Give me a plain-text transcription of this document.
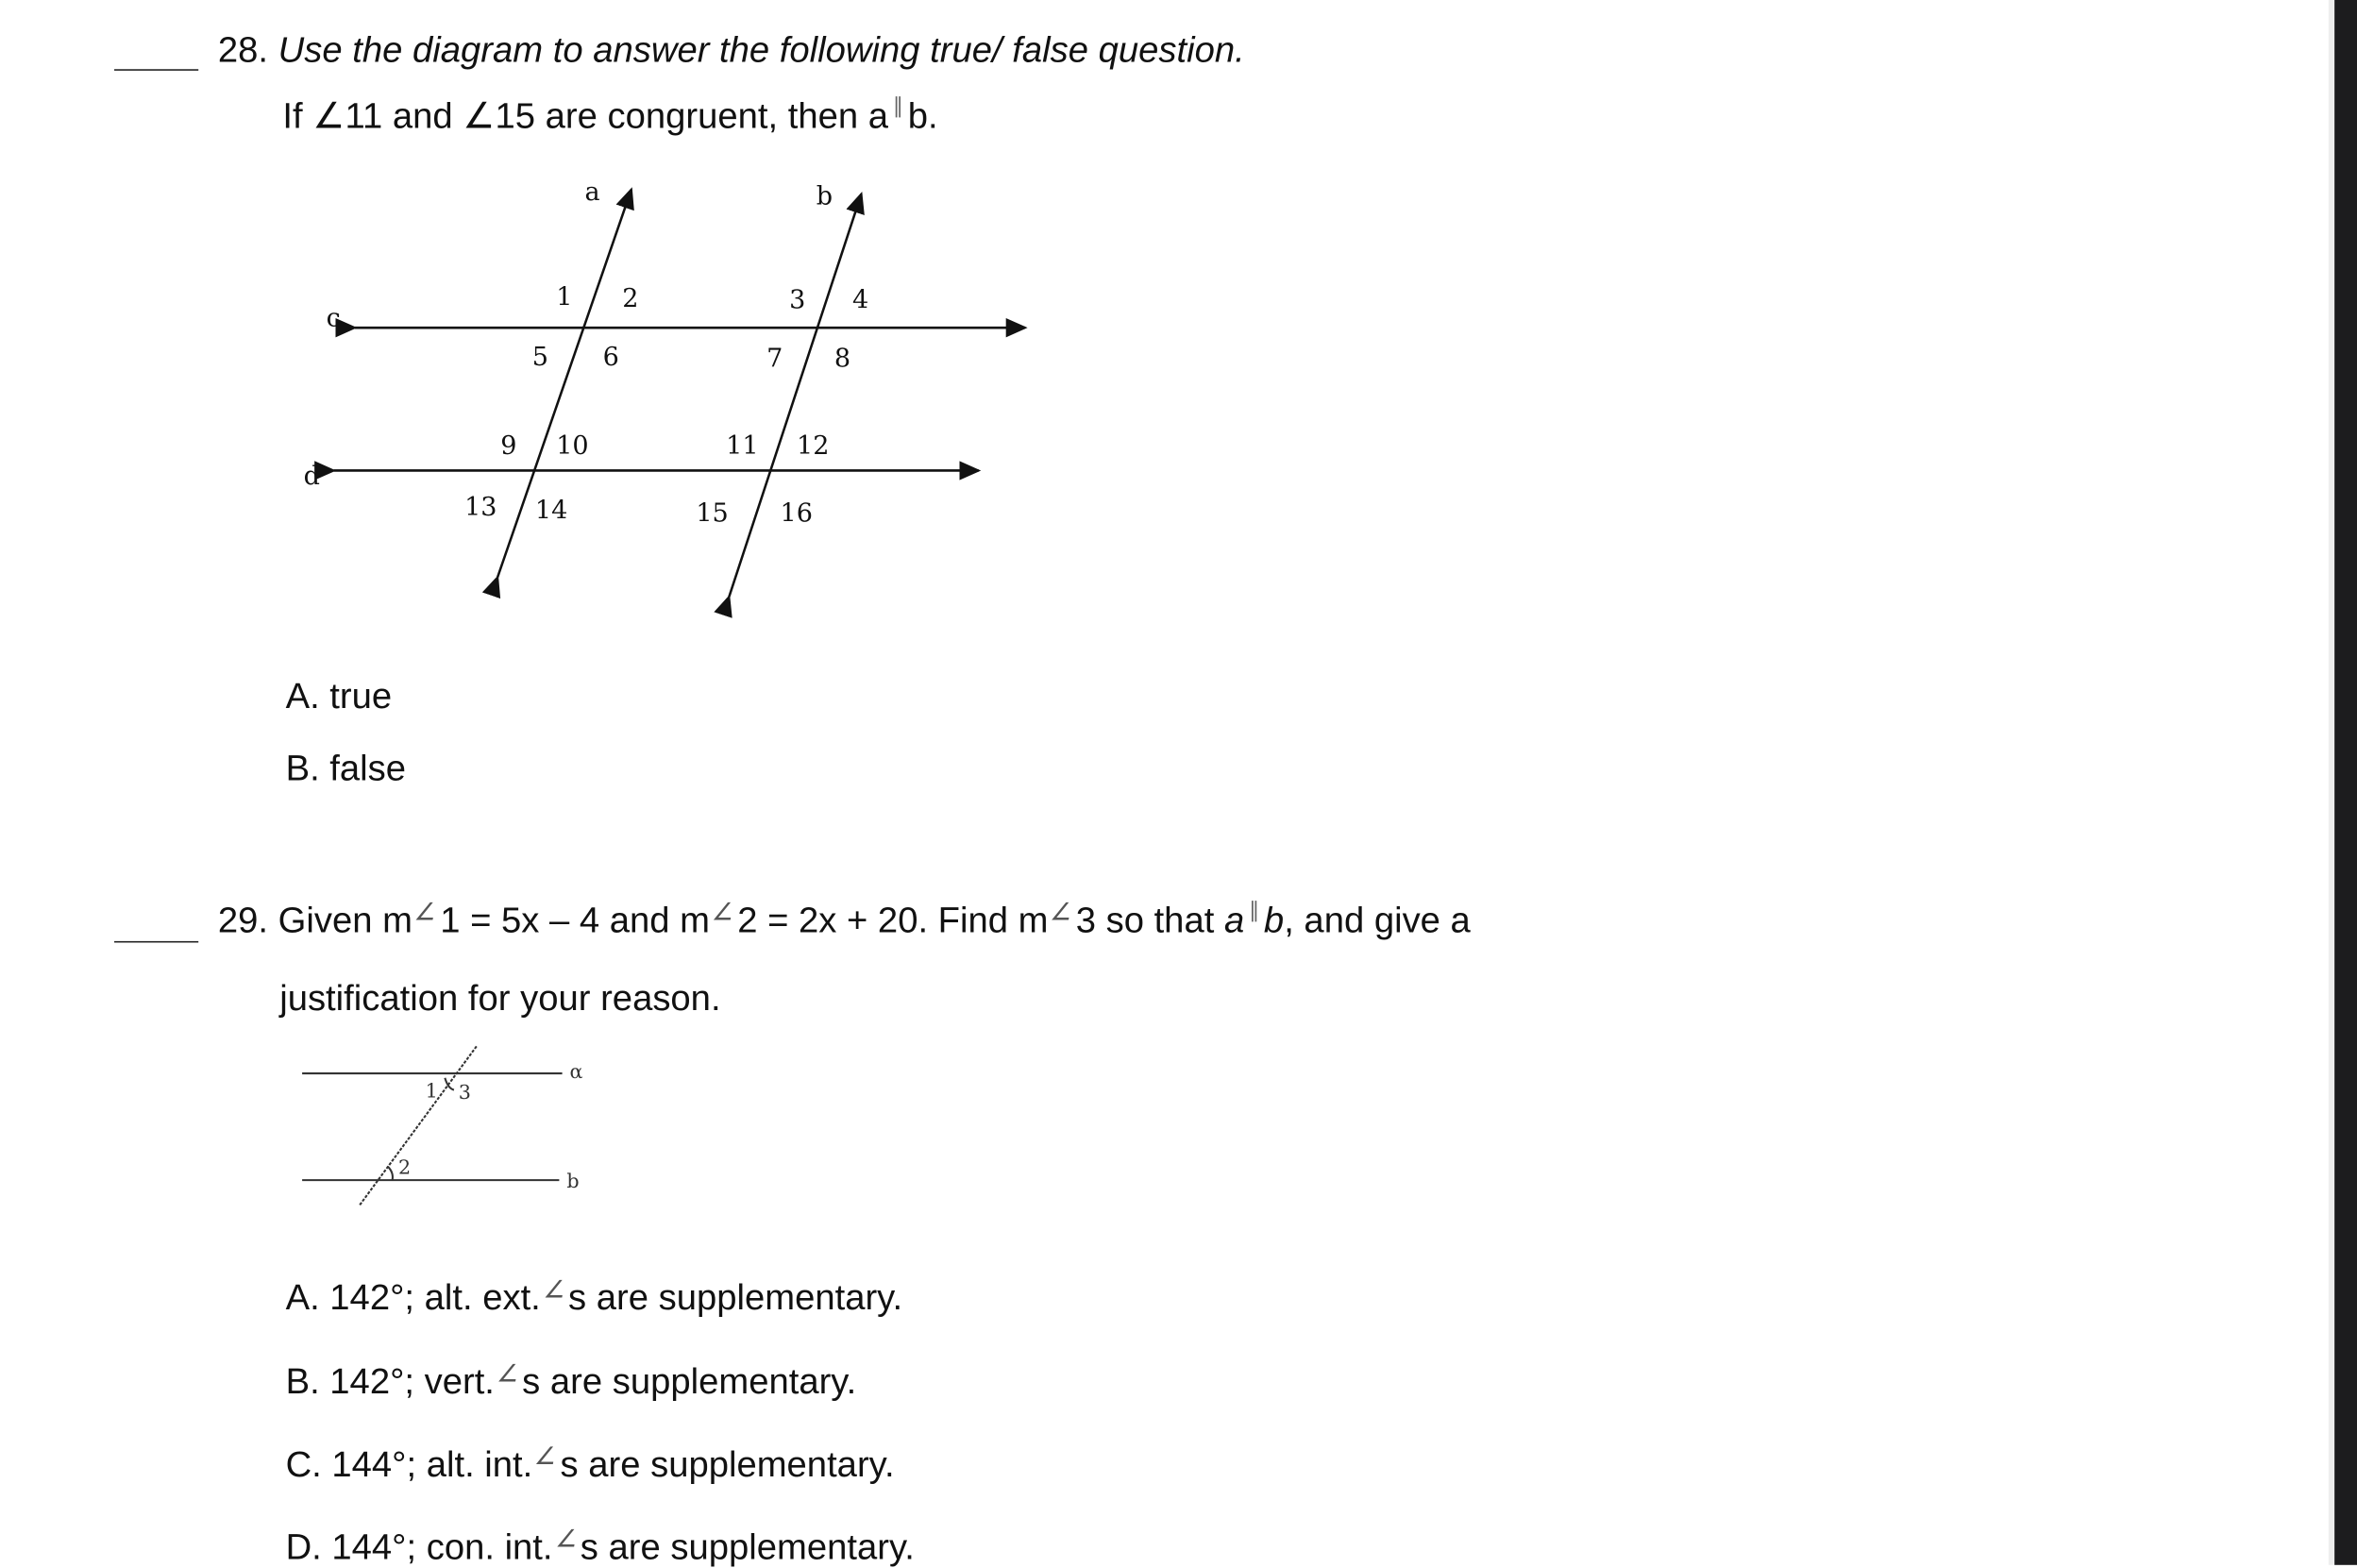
28. Use the diagram to answer the following true/ false question.
If ∠11 and ∠15 are congruent, then a ∥ b.
a	b
c
d
1	2	3	4
5	6	7	8
9 10	11 12
13 14	15	16
A. true
B. false
29. Given m∠1 = 5x – 4 and m∠2 = 2x + 20. Find m∠3 so that a ∥ b, and give a
justification for your reason.
α
b
1
2
3
A. 142°; alt. ext.∠s are supplementary.
B. 142°; vert.∠s are supplementary.
C. 144°; alt. int.∠s are supplementary.
D. 144°; con. int.∠s are supplementary.
